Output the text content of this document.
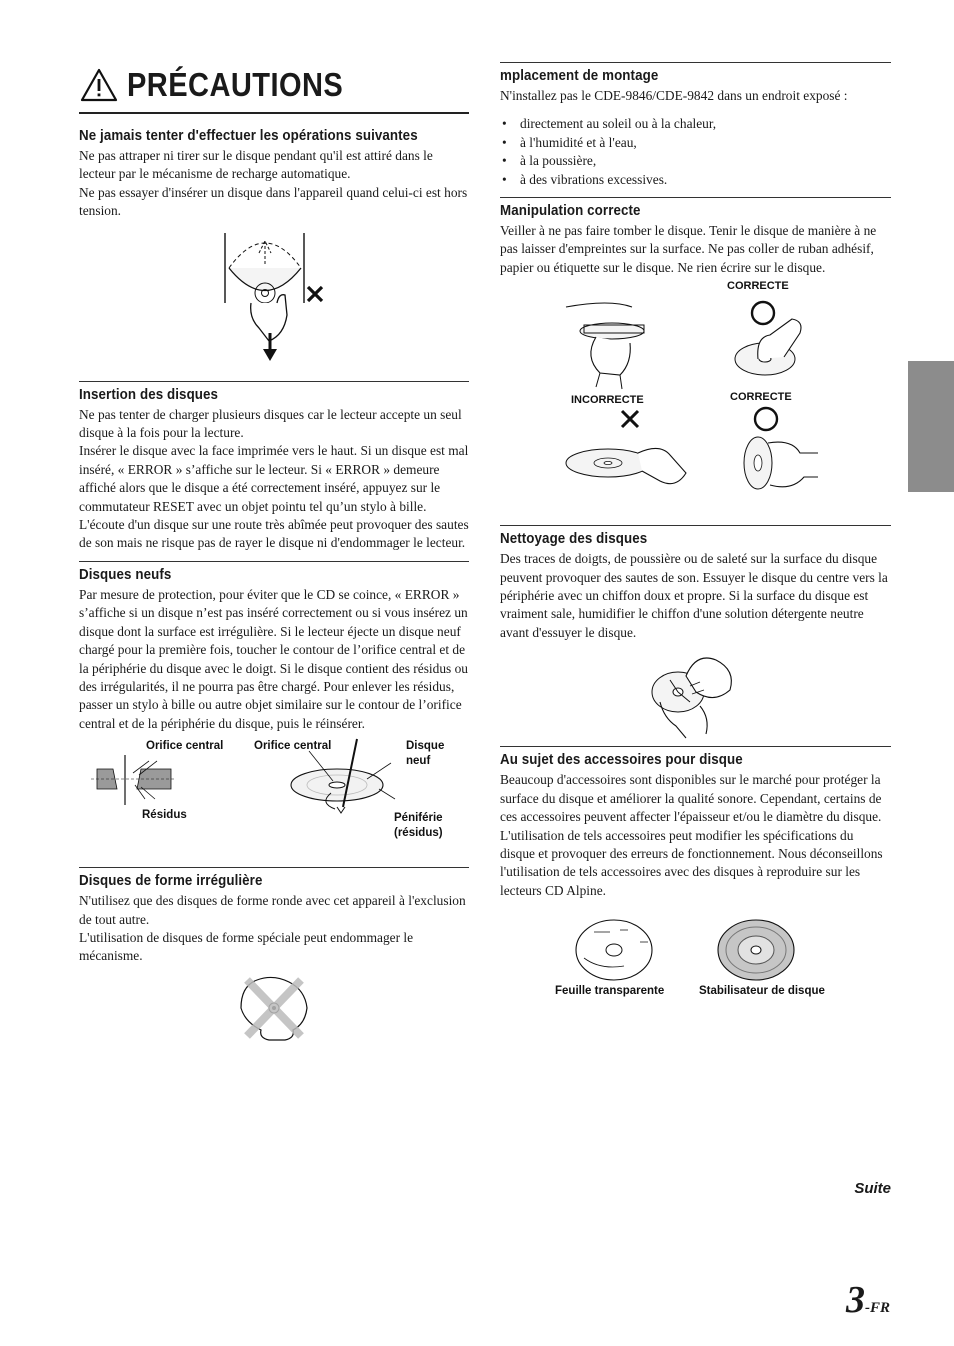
PRÉCAUTIONS
Ne jamais tenter d'effectuer les opérations suivantes

Ne pas attraper ni tirer sur le disque pendant qu'il est attiré dans le lecteur par le mécanisme de recharge automatique.

Ne pas essayer d'insérer un disque dans l'appareil quand celui-ci est hors tension.

Insertion des disques

Ne pas tenter de charger plusieurs disques car le lecteur accepte un seul disque à la fois pour la lecture.

Insérer le disque avec la face imprimée vers le haut. Si un disque est mal inséré, « ERROR » s’affiche sur le lecteur. Si « ERROR » demeure affiché alors que le disque a été correctement inséré, appuyez sur le commutateur RESET avec un objet pointu tel qu’un stylo à bille.

L'écoute d'un disque sur une route très abîmée peut provoquer des sautes de son mais ne risque pas de rayer le disque ni d'endommager le lecteur.

Disques neufs

Par mesure de protection, pour éviter que le CD se coince, « ERROR » s’affiche si un disque n’est pas inséré correctement ou si vous insérez un disque dont la surface est irrégulière. Si le lecteur éjecte un disque neuf chargé pour la première fois, toucher le contour de l’orifice central et de la périphérie du disque avec le doigt. Si le disque contient des résidus ou des irrégularités, il ne pourra pas être chargé. Pour enlever les résidus, passer un stylo à bille ou autre objet similaire sur le contour de l’orifice central et de la périphérie du disque, puis le réinsérer.

Orifice central	Orifice central	Disque
neuf
Résidus	Péniférie
(résidus)
Disques de forme irrégulière

N'utilisez que des disques de forme ronde avec cet appareil à l'exclusion de tout autre.

L'utilisation de disques de forme spéciale peut endommager le mécanisme.

mplacement de montage

N'installez pas le CDE-9846/CDE-9842 dans un endroit exposé :

• directement au soleil ou à la chaleur,
• à l'humidité et à l'eau,
• à la poussière,
• à des vibrations excessives.
Manipulation correcte

Veiller à ne pas faire tomber le disque. Tenir le disque de manière à ne pas laisser d'empreintes sur la surface. Ne pas coller de ruban adhésif, papier ou étiquette sur le disque. Ne rien écrire sur le disque.

CORRECTE
INCORRECTE	CORRECTE
Nettoyage des disques

Des traces de doigts, de poussière ou de saleté sur la surface du disque peuvent provoquer des sautes de son. Essuyer le disque du centre vers la périphérie avec un chiffon doux et propre. Si la surface du disque est vraiment sale, humidifier le chiffon d'une solution détergente neutre avant d'essuyer le disque.

Au sujet des accessoires pour disque

Beaucoup d'accessoires sont disponibles sur le marché pour protéger la surface du disque et améliorer la qualité sonore. Cependant, certains de ces accessoires peuvent affecter l'épaisseur et/ou le diamètre du disque. L'utilisation de tels accessoires peut modifier les spécifications du disque et provoquer des erreurs de fonctionnement. Nous déconseillons l'utilisation de tels accessoires avec des disques à reproduire sur les lecteurs CD Alpine.

Feuille transparente	Stabilisateur de disque
Suite
3-FR
